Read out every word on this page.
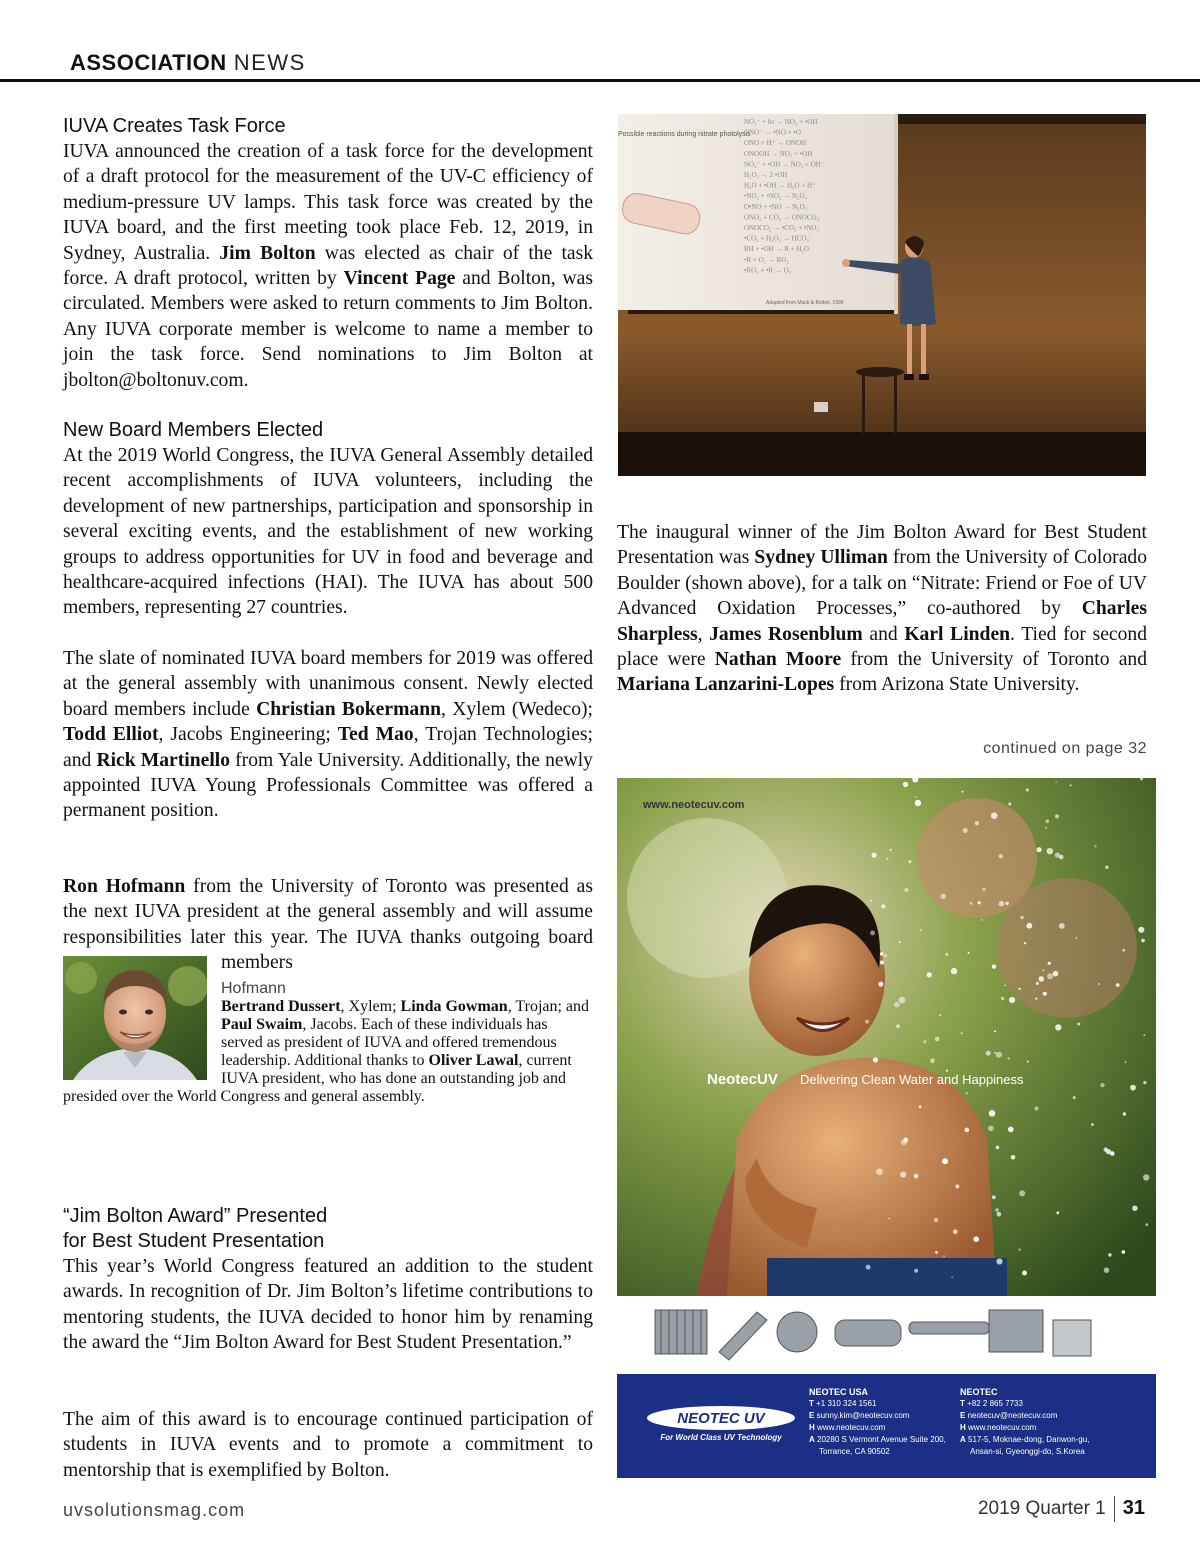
ASSOCIATION NEWS
IUVA Creates Task Force

IUVA announced the creation of a task force for the development of a draft protocol for the measurement of the UV-C efficiency of medium-pressure UV lamps. This task force was created by the IUVA board, and the first meeting took place Feb. 12, 2019, in Sydney, Australia. Jim Bolton was elected as chair of the task force. A draft protocol, written by Vincent Page and Bolton, was circulated. Members were asked to return comments to Jim Bolton. Any IUVA corporate member is welcome to name a member to join the task force. Send nominations to Jim Bolton at jbolton@boltonuv.com.

New Board Members Elected

At the 2019 World Congress, the IUVA General Assembly detailed recent accomplishments of IUVA volunteers, including the development of new partnerships, participation and sponsorship in several exciting events, and the establishment of new working groups to address opportunities for UV in food and beverage and healthcare-acquired infections (HAI). The IUVA has about 500 members, representing 27 countries.

The slate of nominated IUVA board members for 2019 was offered at the general assembly with unanimous consent. Newly elected board members include Christian Bokermann, Xylem (Wedeco); Todd Elliot, Jacobs Engineering; Ted Mao, Trojan Technologies; and Rick Martinello from Yale University. Additionally, the newly appointed IUVA Young Professionals Committee was offered a permanent position.

Ron Hofmann from the University of Toronto was presented as the next IUVA president at the general assembly and will assume responsibilities later this year. The IUVA thanks outgoing board members

Hofmann
Bertrand Dussert, Xylem; Linda Gowman, Trojan; and Paul Swaim, Jacobs. Each of these individuals has served as president of IUVA and offered tremendous leadership. Additional thanks to Oliver Lawal, current IUVA president, who has done an outstanding job and presided over the World Congress and general assembly.

“Jim Bolton Award” Presented
for Best Student Presentation

This year’s World Congress featured an addition to the student awards. In recognition of Dr. Jim Bolton’s lifetime contributions to mentoring students, the IUVA decided to honor him by renaming the award the “Jim Bolton Award for Best Student Presentation.”

The aim of this award is to encourage continued participation of students in IUVA events and to promote a commitment to mentorship that is exemplified by Bolton.

Possible reactions during nitrate photolysis
Adapted from Mack & Bolton, 1999
NO₂⁻ + hν → NO₂ + •OH
ONO⁻ → •NO + •O
ONO + H⁺ → ONOH
ONOOH → NO₂ + •OH
NO₂⁻ + •OH → NO₂ + OH⁻
H₂O₂ → 2 •OH
H₂O + •OH → H₂O + H⁺
•NO₂ + •NO₂ → N₂O₄
O•NO + •NO → N₂O₃
ONO₂ + CO₃ → ONOCO₂
ONOCO₂ → •CO₃ + •NO₂
•CO₃ + H₂O₂ → HCO₃⁻
RH + •OH → R + H₂O
•R + O₂ → RO₂
•RO₂ + •R → O₂

The inaugural winner of the Jim Bolton Award for Best Student Presentation was Sydney Ulliman from the University of Colorado Boulder (shown above), for a talk on “Nitrate: Friend or Foe of UV Advanced Oxidation Processes,” co-authored by Charles Sharpless, James Rosenblum and Karl Linden. Tied for second place were Nathan Moore from the University of Toronto and Mariana Lanzarini-Lopes from Arizona State University.

continued on page 32
www.neotecuv.com
NeotecUV Delivering Clean Water and Happiness
NEOTEC UV
For World Class UV Technology
NEOTEC USA
T +1 310 324 1561
E sunny.kim@neotecuv.com
H www.neotecuv.com
A 20280 S Vermont Avenue Suite 200,
Torrance, CA 90502
NEOTEC
T +82 2 865 7733
E neotecuv@neotecuv.com
H www.neotecuv.com
A 517-5, Moknae-dong, Danwon-gu,
Ansan-si, Gyeonggi-do, S.Korea
uvsolutionsmag.com	2019 Quarter 1 31
